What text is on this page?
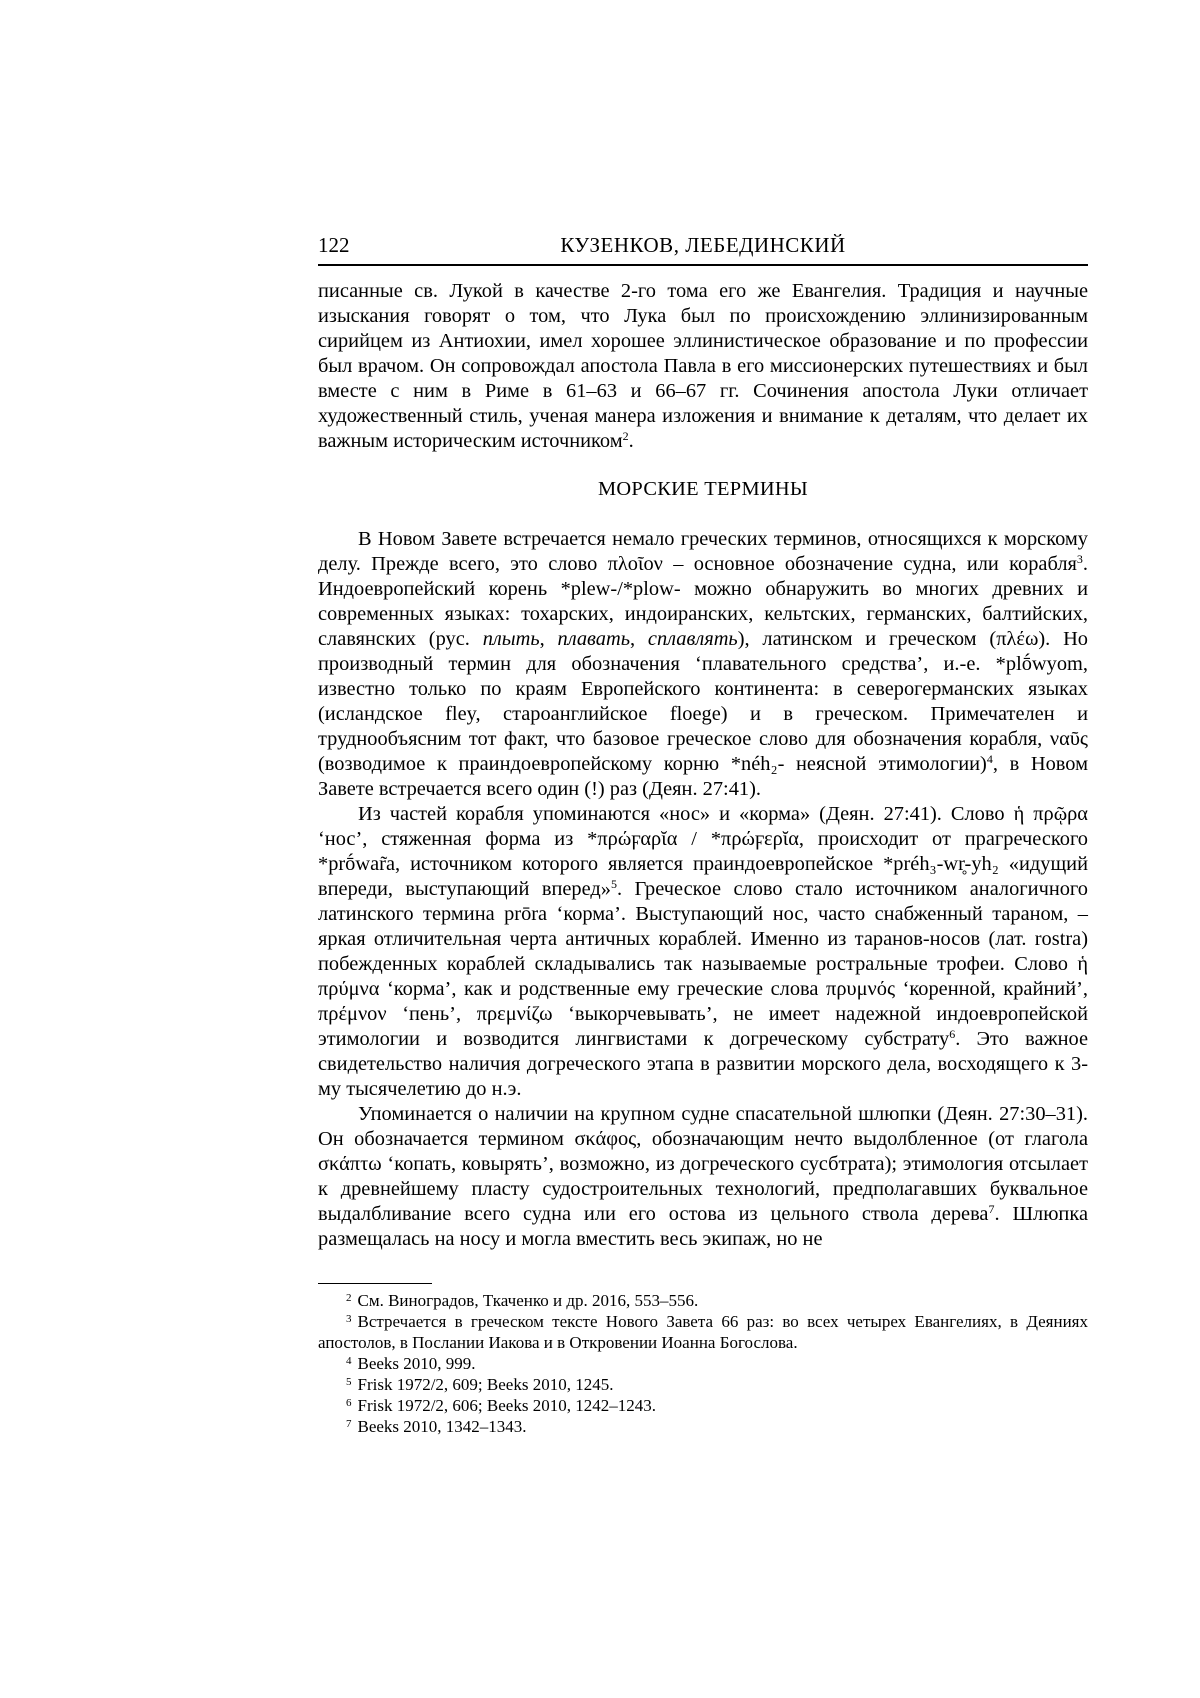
122	КУЗЕНКОВ, ЛЕБЕДИНСКИЙ

писанные св. Лукой в качестве 2-го тома его же Евангелия. Традиция и научные изыскания говорят о том, что Лука был по происхождению эллинизированным сирийцем из Антиохии, имел хорошее эллинистическое образование и по профессии был врачом. Он сопровождал апостола Павла в его миссионерских путешествиях и был вместе с ним в Риме в 61–63 и 66–67 гг. Сочинения апостола Луки отличает художественный стиль, ученая манера изложения и внимание к деталям, что делает их важным историческим источником2.

МОРСКИЕ ТЕРМИНЫ

В Новом Завете встречается немало греческих терминов, относящихся к морскому делу. Прежде всего, это слово πλοῖον – основное обозначение судна, или корабля3. Индоевропейский корень *plew-/*plow- можно обнаружить во многих древних и современных языках: тохарских, индоиранских, кельтских, германских, балтийских, славянских (рус. плыть, плавать, сплавлять), латинском и греческом (πλέω). Но производный термин для обозначения ‘плавательного средства’, и.-е. *plṓwyom, известно только по краям Европейского континента: в северогерманских языках (исландское fley, староанглийское floege) и в греческом. Примечателен и труднообъясним тот факт, что базовое греческое слово для обозначения корабля, ναῦς (возводимое к праиндоевропейскому корню *néh₂- неясной этимологии)4, в Новом Завете встречается всего один (!) раз (Деян. 27:41).

Из частей корабля упоминаются «нос» и «корма» (Деян. 27:41). Слово ἡ πρῷρα ‘нос’, стяженная форма из *πρώϝαρῐα / *πρώϝερῐα, происходит от прагреческого *prṓwar̃a, источником которого является праиндоевропейское *préh₃-wr̥-yh₂ «идущий впереди, выступающий вперед»5. Греческое слово стало источником аналогичного латинского термина prōra ‘корма’. Выступающий нос, часто снабженный тараном, – яркая отличительная черта античных кораблей. Именно из таранов-носов (лат. rostra) побежденных кораблей складывались так называемые ростральные трофеи. Слово ἡ πρύμνα ‘корма’, как и родственные ему греческие слова πρυμνός ‘коренной, крайний’, πρέμνον ‘пень’, πρεμνίζω ‘выкорчевывать’, не имеет надежной индоевропейской этимологии и возводится лингвистами к догреческому субстрату6. Это важное свидетельство наличия догреческого этапа в развитии морского дела, восходящего к 3-му тысячелетию до н.э.

Упоминается о наличии на крупном судне спасательной шлюпки (Деян. 27:30–31). Он обозначается термином σκάφος, обозначающим нечто выдолбленное (от глагола σκάπτω ‘копать, ковырять’, возможно, из догреческого сусбтрата); этимология отсылает к древнейшему пласту судостроительных технологий, предполагавших буквальное выдалбливание всего судна или его остова из цельного ствола дерева7. Шлюпка размещалась на носу и могла вместить весь экипаж, но не

2 См. Виноградов, Ткаченко и др. 2016, 553–556.

3 Встречается в греческом тексте Нового Завета 66 раз: во всех четырех Евангелиях, в Деяниях апостолов, в Послании Иакова и в Откровении Иоанна Богослова.

4 Beeks 2010, 999.

5 Frisk 1972/2, 609; Beeks 2010, 1245.

6 Frisk 1972/2, 606; Beeks 2010, 1242–1243.

7 Beeks 2010, 1342–1343.
